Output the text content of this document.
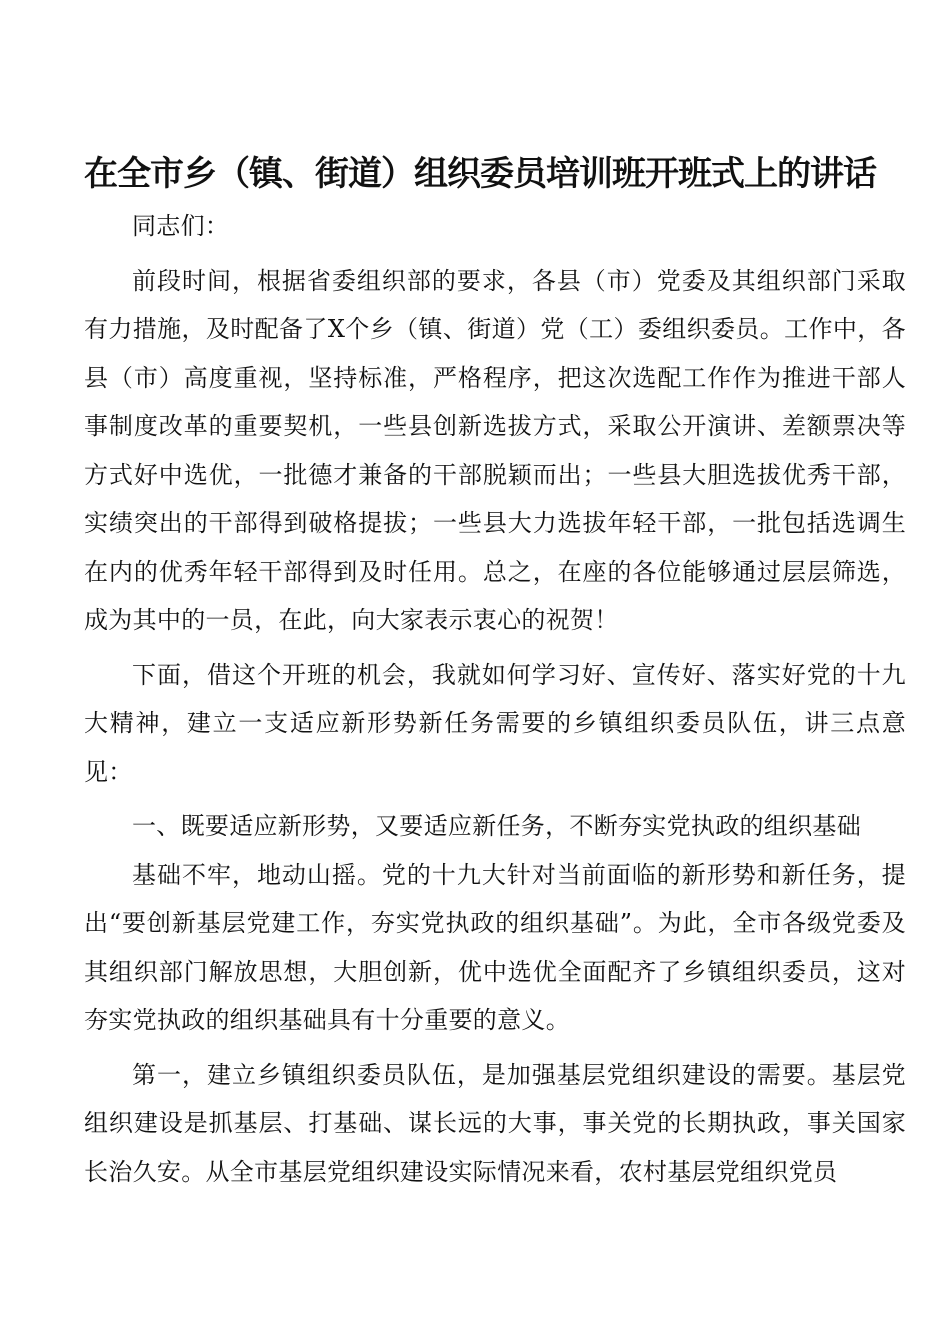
在全市乡（镇、街道）组织委员培训班开班式上的讲话

同志们：

前段时间，根据省委组织部的要求，各县（市）党委及其组织部门采取有力措施，及时配备了X个乡（镇、街道）党（工）委组织委员。工作中，各县（市）高度重视，坚持标准，严格程序，把这次选配工作作为推进干部人事制度改革的重要契机，一些县创新选拔方式，采取公开演讲、差额票决等方式好中选优，一批德才兼备的干部脱颖而出；一些县大胆选拔优秀干部，实绩突出的干部得到破格提拔；一些县大力选拔年轻干部，一批包括选调生在内的优秀年轻干部得到及时任用。总之，在座的各位能够通过层层筛选，成为其中的一员，在此，向大家表示衷心的祝贺！

下面，借这个开班的机会，我就如何学习好、宣传好、落实好党的十九大精神，建立一支适应新形势新任务需要的乡镇组织委员队伍，讲三点意见：

一、既要适应新形势，又要适应新任务，不断夯实党执政的组织基础

基础不牢，地动山摇。党的十九大针对当前面临的新形势和新任务，提出“要创新基层党建工作，夯实党执政的组织基础”。为此，全市各级党委及其组织部门解放思想，大胆创新，优中选优全面配齐了乡镇组织委员，这对夯实党执政的组织基础具有十分重要的意义。

第一，建立乡镇组织委员队伍，是加强基层党组织建设的需要。基层党组织建设是抓基层、打基础、谋长远的大事，事关党的长期执政，事关国家长治久安。从全市基层党组织建设实际情况来看，农村基层党组织党员
